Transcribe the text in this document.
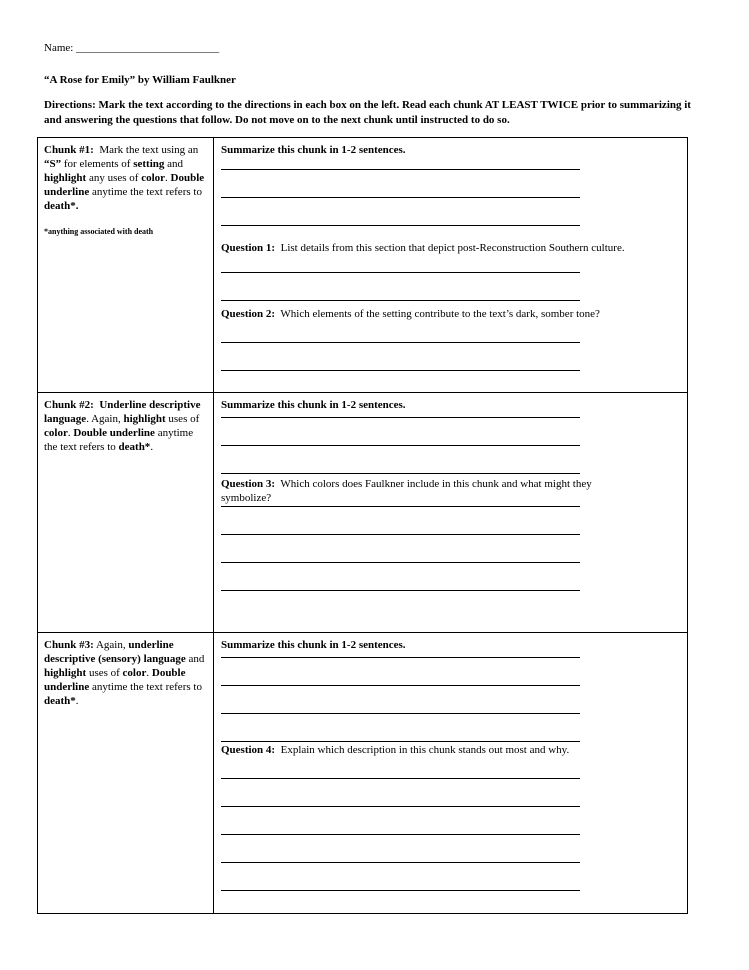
Name: __________________________
“A Rose for Emily” by William Faulkner
Directions: Mark the text according to the directions in each box on the left. Read each chunk AT LEAST TWICE prior to summarizing it and answering the questions that follow. Do not move on to the next chunk until instructed to do so.
Chunk #1: Mark the text using an “S” for elements of setting and highlight any uses of color. Double underline anytime the text refers to death*.
*anything associated with death
Summarize this chunk in 1-2 sentences.
Question 1: List details from this section that depict post-Reconstruction Southern culture.
Question 2: Which elements of the setting contribute to the text’s dark, somber tone?
Chunk #2: Underline descriptive language. Again, highlight uses of color. Double underline anytime the text refers to death*.
Summarize this chunk in 1-2 sentences.
Question 3: Which colors does Faulkner include in this chunk and what might they symbolize?
Chunk #3: Again, underline descriptive (sensory) language and highlight uses of color. Double underline anytime the text refers to death*.
Summarize this chunk in 1-2 sentences.
Question 4: Explain which description in this chunk stands out most and why.
